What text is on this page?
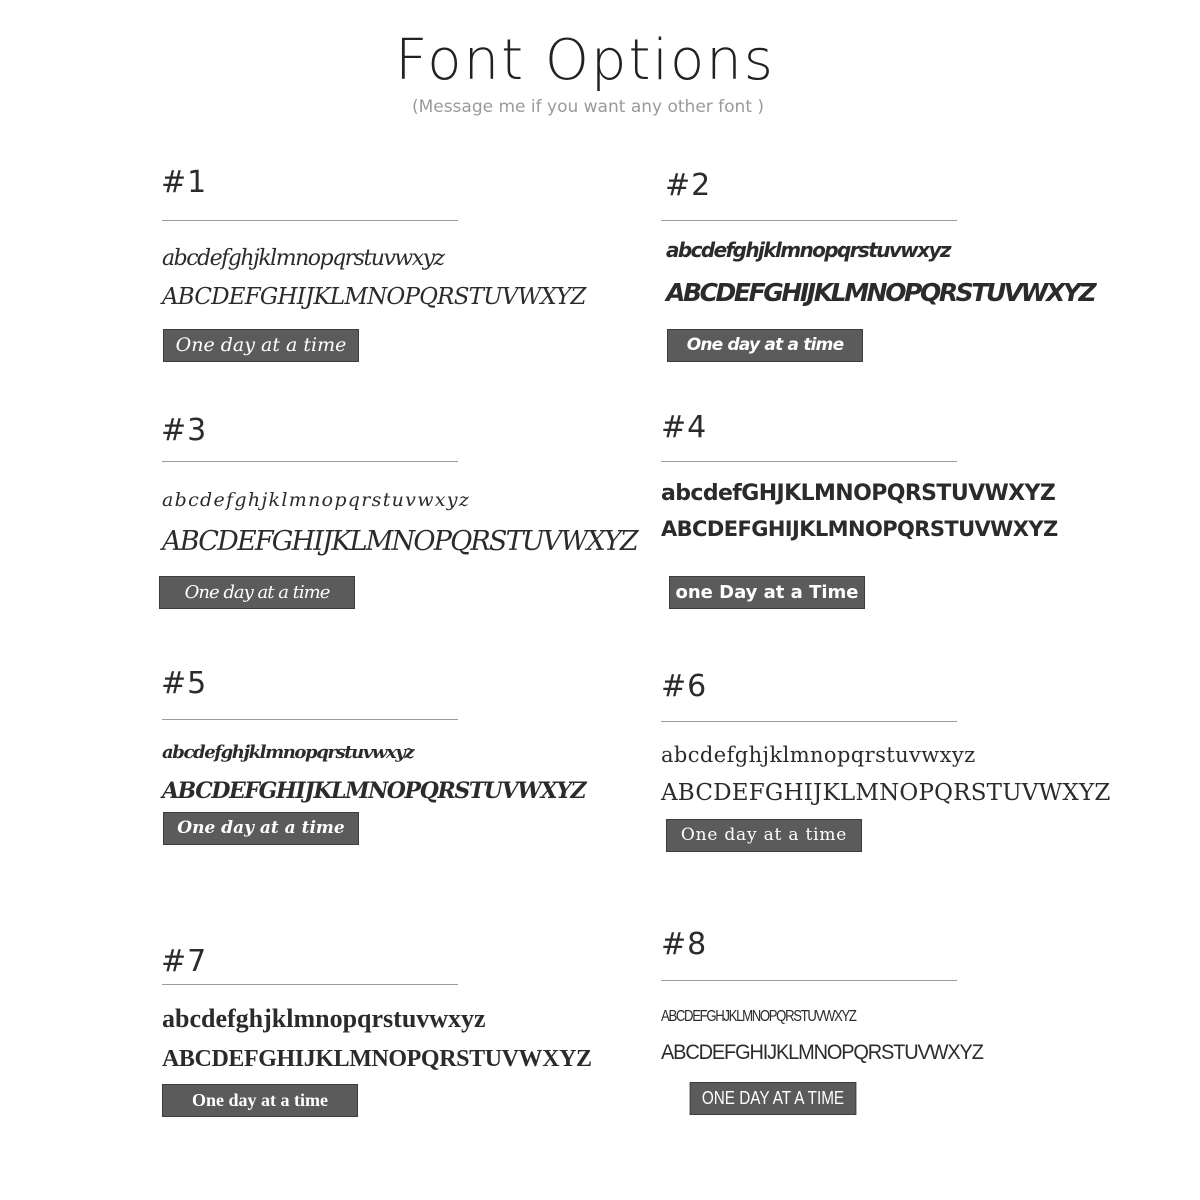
Font Options
(Message me if you want any other font )
#1
abcdefghjklmnopqrstuvwxyz
ABCDEFGHIJKLMNOPQRSTUVWXYZ
One day at a time
#2
abcdefghjklmnopqrstuvwxyz
ABCDEFGHIJKLMNOPQRSTUVWXYZ
One day at a time
#3
abcdefghjklmnopqrstuvwxyz
ABCDEFGHIJKLMNOPQRSTUVWXYZ
One day at a time
#4
abcdefGHJKLMNOPQRSTUVWXYZ
ABCDEFGHIJKLMNOPQRSTUVWXYZ
one Day at a Time
#5
abcdefghjklmnopqrstuvwxyz
ABCDEFGHIJKLMNOPQRSTUVWXYZ
One day at a time
#6
abcdefghjklmnopqrstuvwxyz
ABCDEFGHIJKLMNOPQRSTUVWXYZ
One day at a time
#7
abcdefghjklmnopqrstuvwxyz
ABCDEFGHIJKLMNOPQRSTUVWXYZ
One day at a time
#8
ABCDEFGHJKLMNOPQRSTUVWXYZ
ABCDEFGHIJKLMNOPQRSTUVWXYZ
ONE DAY AT A TIME
